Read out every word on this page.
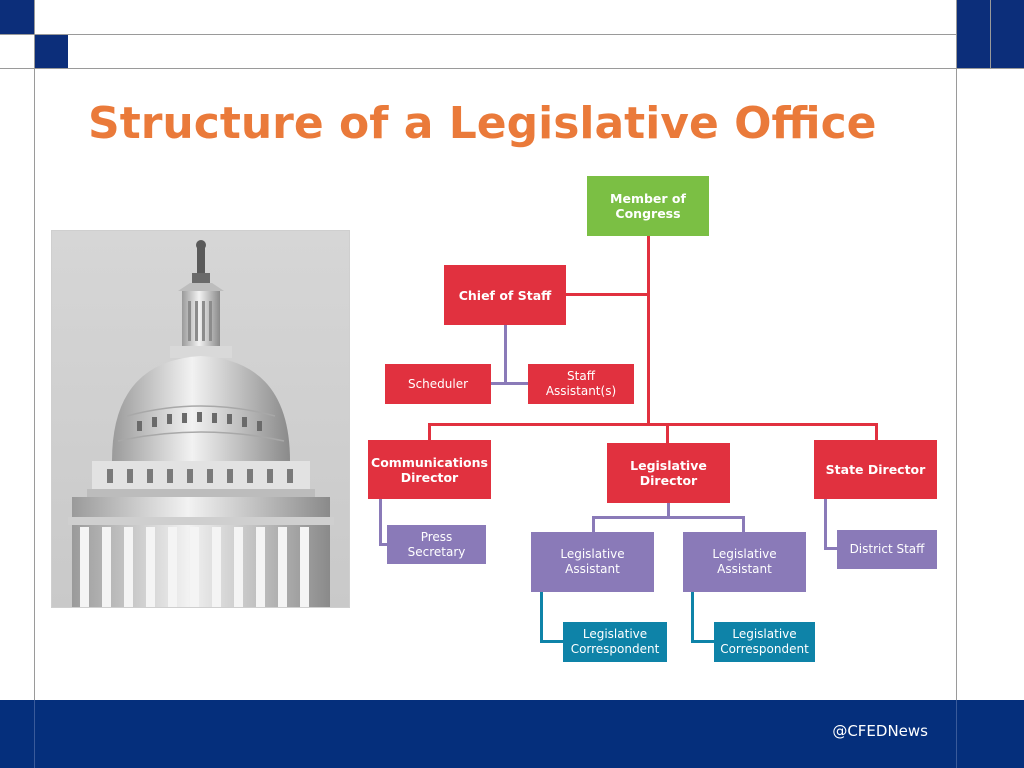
Structure of a Legislative Office
Member of Congress
Chief of Staff
Scheduler
Staff Assistant(s)
Communications Director
Legislative Director
State Director
Press Secretary	Legislative Assistant
Legislative Assistant
District Staff
Legislative Correspondent
Legislative Correspondent
@CFEDNews
